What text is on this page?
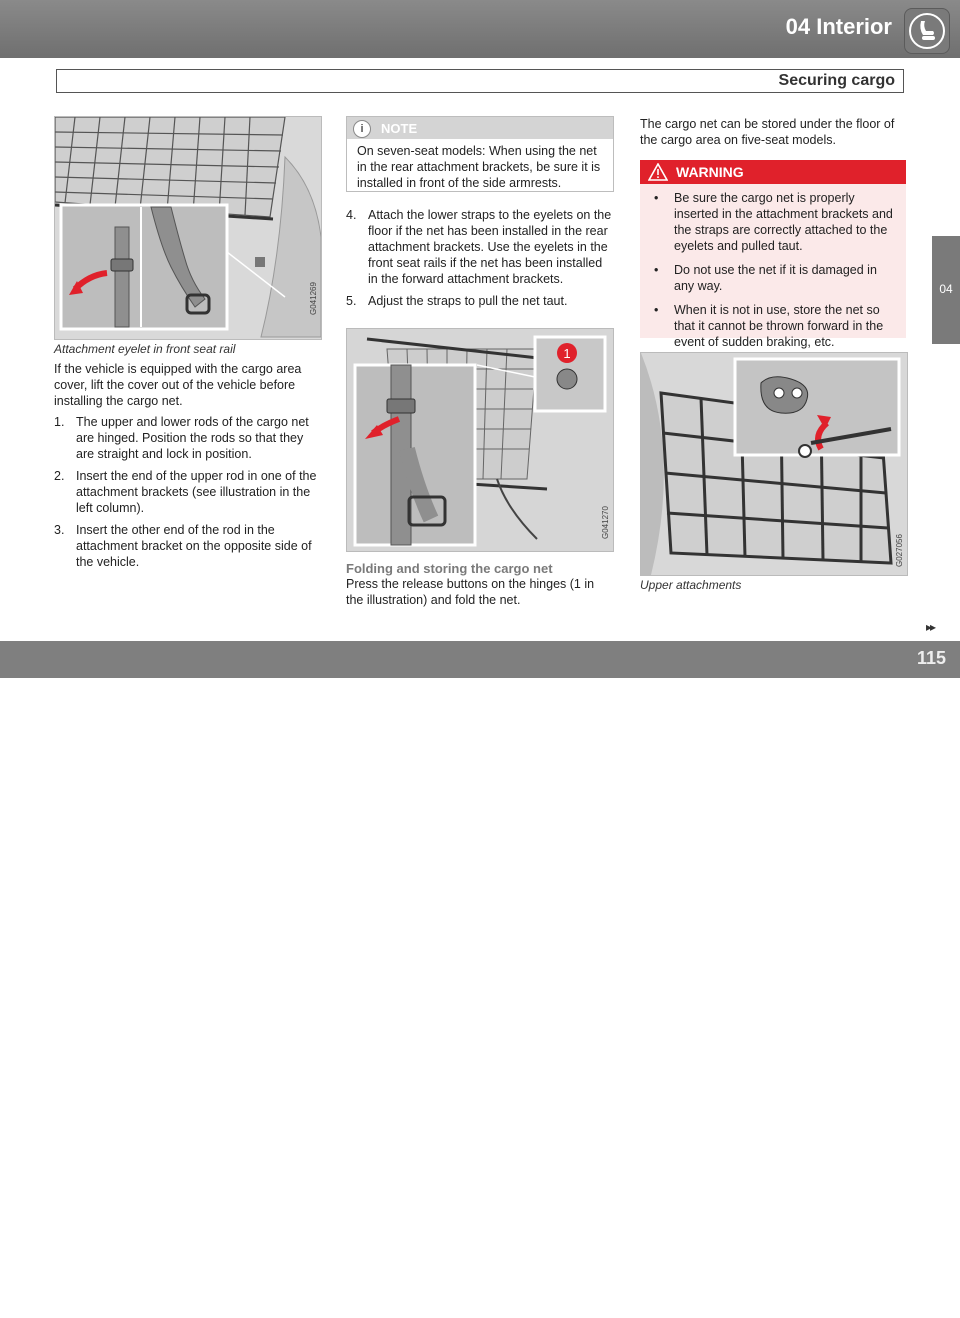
04 Interior
Securing cargo
04
G041269
Attachment eyelet in front seat rail
If the vehicle is equipped with the cargo area cover, lift the cover out of the vehicle before installing the cargo net.
1. The upper and lower rods of the cargo net are hinged. Position the rods so that they are straight and lock in position.
2. Insert the end of the upper rod in one of the attachment brackets (see illustration in the left column).
3. Insert the other end of the rod in the attachment bracket on the opposite side of the vehicle.
i	NOTE
On seven-seat models: When using the net in the rear attachment brackets, be sure it is installed in front of the side armrests.
4. Attach the lower straps to the eyelets on the floor if the net has been installed in the rear attachment brackets. Use the eyelets in the front seat rails if the net has been installed in the forward attachment brackets.
5. Adjust the straps to pull the net taut.
1
G041270
Folding and storing the cargo net
Press the release buttons on the hinges (1 in the illustration) and fold the net.
The cargo net can be stored under the floor of the cargo area on five-seat models.
WARNING
• Be sure the cargo net is properly inserted in the attachment brackets and the straps are correctly attached to the eyelets and pulled taut.
• Do not use the net if it is damaged in any way.
• When it is not in use, store the net so that it cannot be thrown forward in the event of sudden braking, etc.
G027056
Upper attachments
▸▸
carmanualsonline.info
115
